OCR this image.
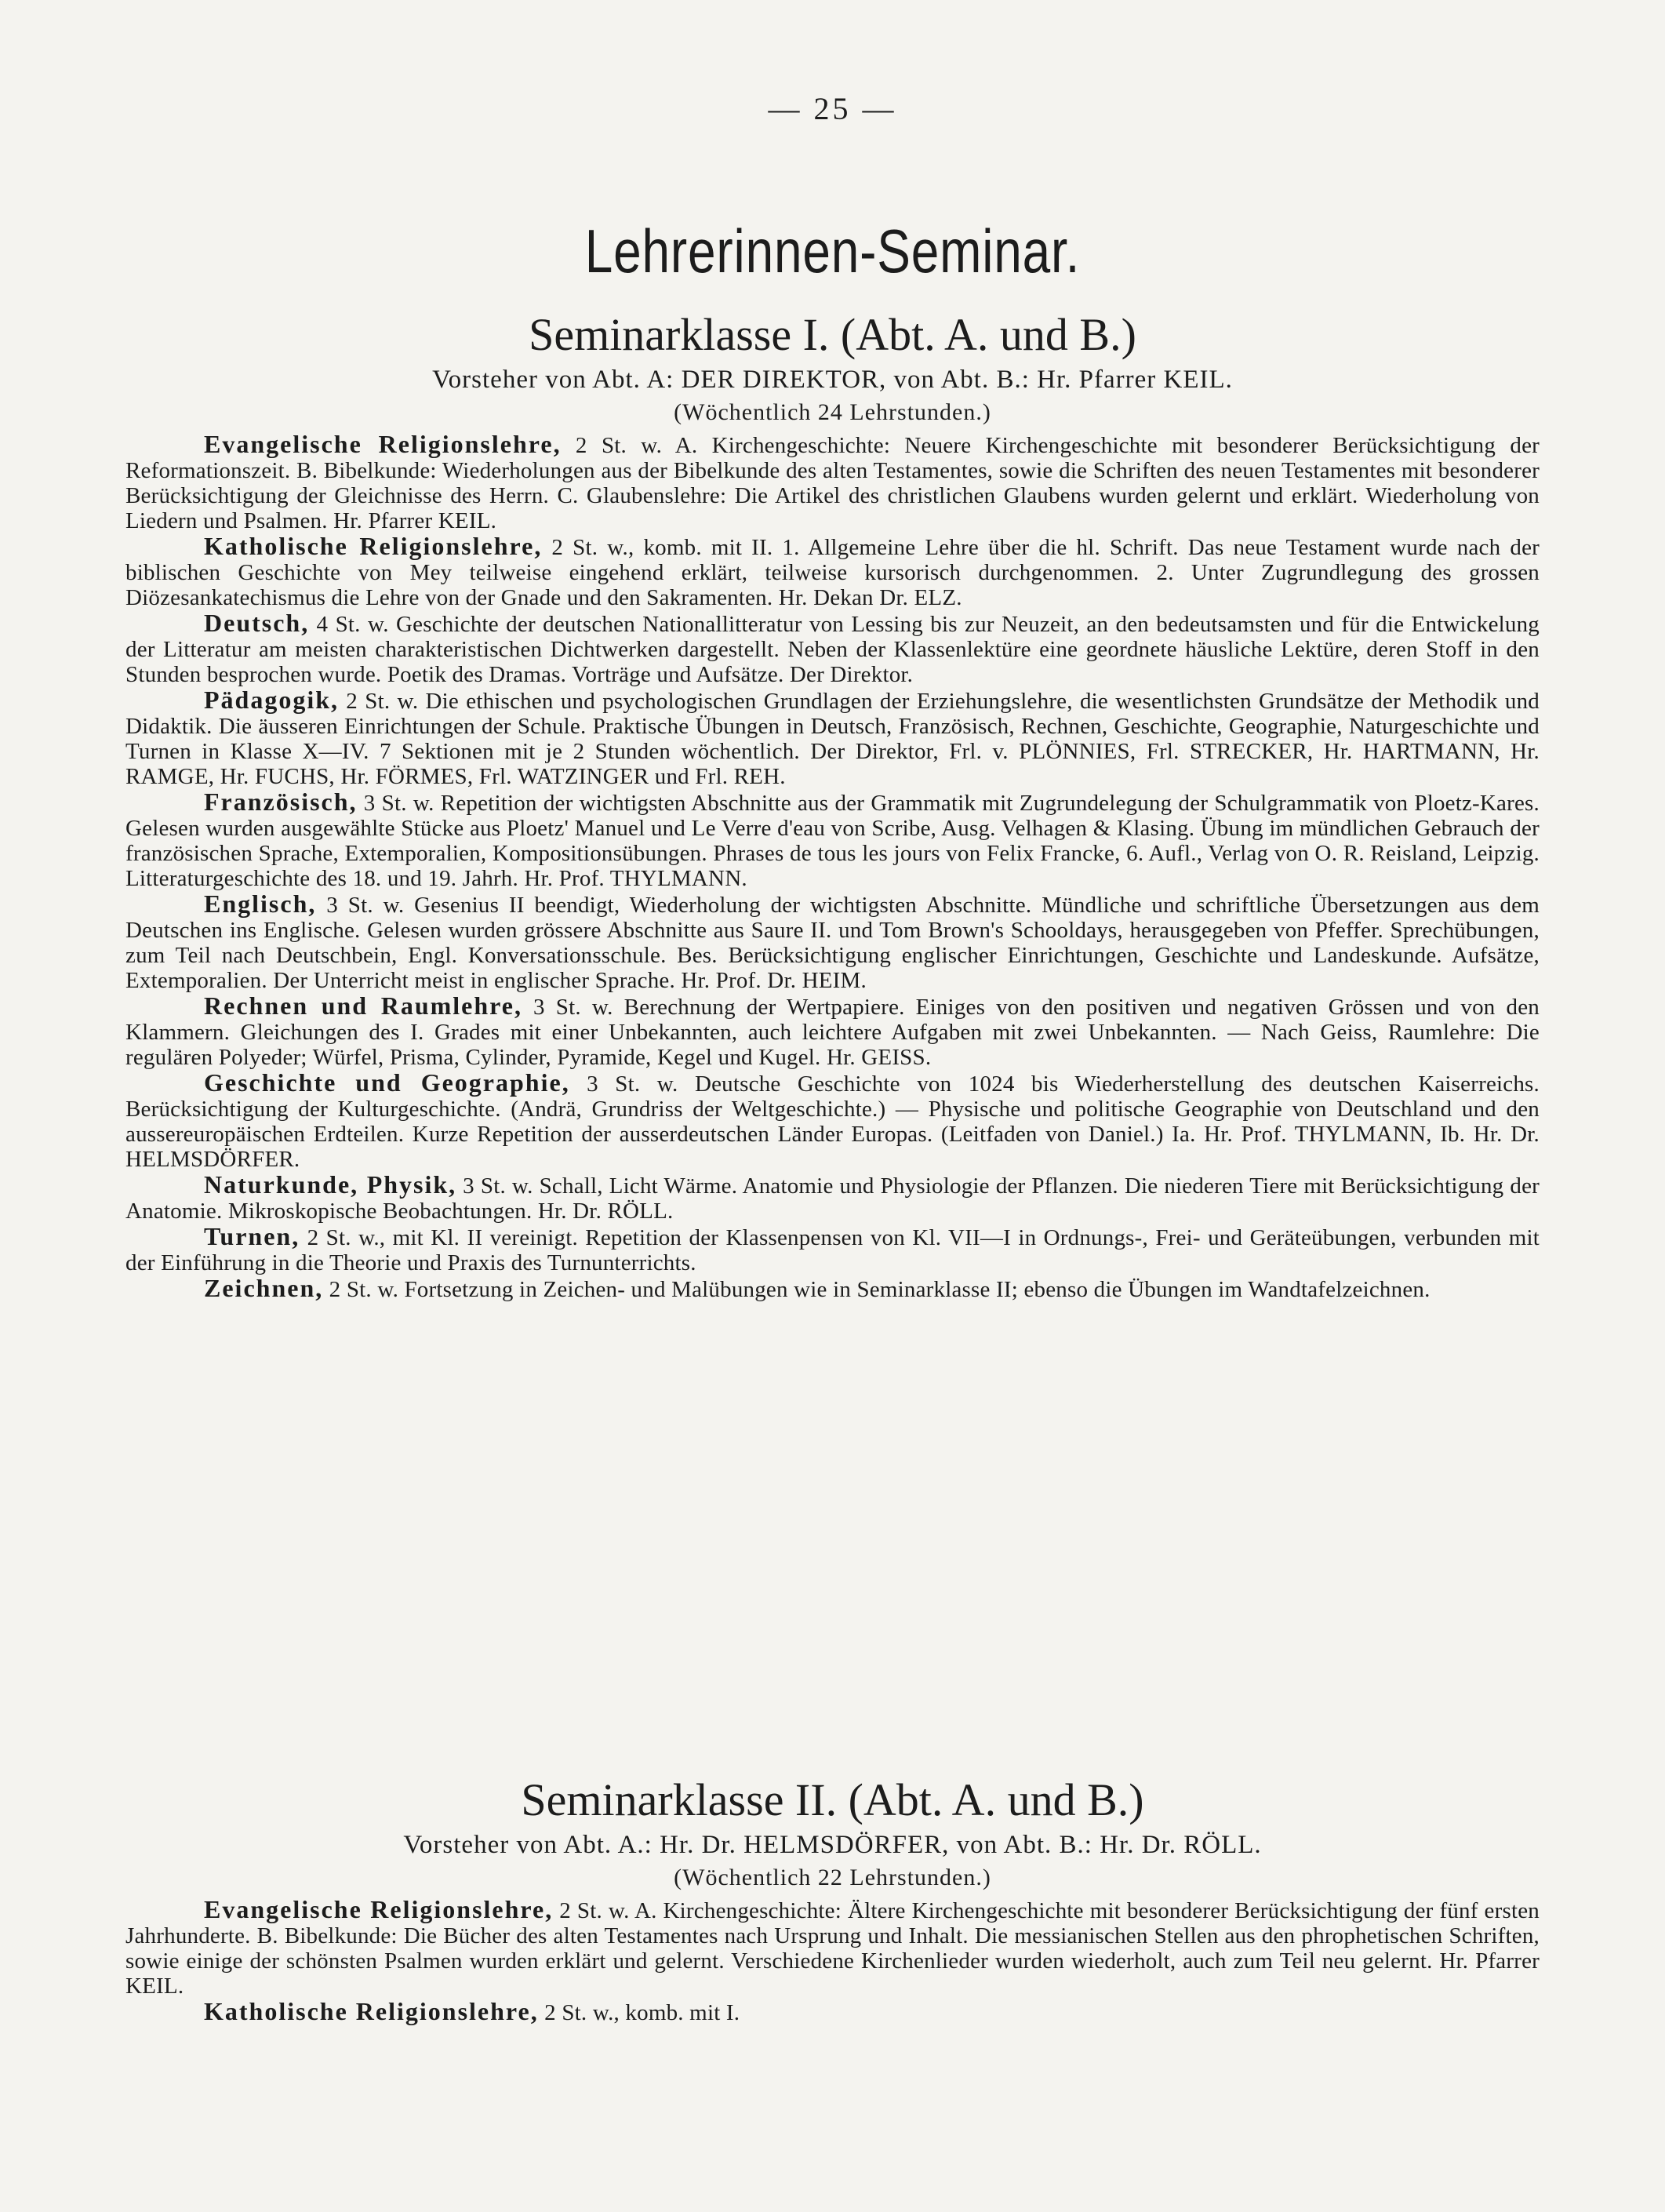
— 25 —
Lehrerinnen-Seminar.
Seminarklasse I. (Abt. A. und B.)

Vorsteher von Abt. A: DER DIREKTOR, von Abt. B.: Hr. Pfarrer KEIL.

(Wöchentlich 24 Lehrstunden.)

Evangelische Religionslehre, 2 St. w. A. Kirchengeschichte: Neuere Kirchengeschichte mit besonderer Berücksichtigung der Reformationszeit. B. Bibelkunde: Wiederholungen aus der Bibelkunde des alten Testamentes, sowie die Schriften des neuen Testamentes mit besonderer Berücksichtigung der Gleichnisse des Herrn. C. Glaubenslehre: Die Artikel des christlichen Glaubens wurden gelernt und erklärt. Wiederholung von Liedern und Psalmen. Hr. Pfarrer KEIL.

Katholische Religionslehre, 2 St. w., komb. mit II. 1. Allgemeine Lehre über die hl. Schrift. Das neue Testament wurde nach der biblischen Geschichte von Mey teilweise eingehend erklärt, teilweise kursorisch durchgenommen. 2. Unter Zugrundlegung des grossen Diözesankatechismus die Lehre von der Gnade und den Sakramenten. Hr. Dekan Dr. ELZ.

Deutsch, 4 St. w. Geschichte der deutschen Nationallitteratur von Lessing bis zur Neuzeit, an den bedeutsamsten und für die Entwickelung der Litteratur am meisten charakteristischen Dichtwerken dargestellt. Neben der Klassenlektüre eine geordnete häusliche Lektüre, deren Stoff in den Stunden besprochen wurde. Poetik des Dramas. Vorträge und Aufsätze. Der Direktor.

Pädagogik, 2 St. w. Die ethischen und psychologischen Grundlagen der Erziehungslehre, die wesentlichsten Grundsätze der Methodik und Didaktik. Die äusseren Einrichtungen der Schule. Praktische Übungen in Deutsch, Französisch, Rechnen, Geschichte, Geographie, Naturgeschichte und Turnen in Klasse X—IV. 7 Sektionen mit je 2 Stunden wöchentlich. Der Direktor, Frl. v. PLÖNNIES, Frl. STRECKER, Hr. HARTMANN, Hr. RAMGE, Hr. FUCHS, Hr. FÖRMES, Frl. WATZINGER und Frl. REH.

Französisch, 3 St. w. Repetition der wichtigsten Abschnitte aus der Grammatik mit Zugrundelegung der Schulgrammatik von Ploetz-Kares. Gelesen wurden ausgewählte Stücke aus Ploetz' Manuel und Le Verre d'eau von Scribe, Ausg. Velhagen & Klasing. Übung im mündlichen Gebrauch der französischen Sprache, Extemporalien, Kompositionsübungen. Phrases de tous les jours von Felix Francke, 6. Aufl., Verlag von O. R. Reisland, Leipzig. Litteraturgeschichte des 18. und 19. Jahrh. Hr. Prof. THYLMANN.

Englisch, 3 St. w. Gesenius II beendigt, Wiederholung der wichtigsten Abschnitte. Mündliche und schriftliche Übersetzungen aus dem Deutschen ins Englische. Gelesen wurden grössere Abschnitte aus Saure II. und Tom Brown's Schooldays, herausgegeben von Pfeffer. Sprechübungen, zum Teil nach Deutschbein, Engl. Konversationsschule. Bes. Berücksichtigung englischer Einrichtungen, Geschichte und Landeskunde. Aufsätze, Extemporalien. Der Unterricht meist in englischer Sprache. Hr. Prof. Dr. HEIM.

Rechnen und Raumlehre, 3 St. w. Berechnung der Wertpapiere. Einiges von den positiven und negativen Grössen und von den Klammern. Gleichungen des I. Grades mit einer Unbekannten, auch leichtere Aufgaben mit zwei Unbekannten. — Nach Geiss, Raumlehre: Die regulären Polyeder; Würfel, Prisma, Cylinder, Pyramide, Kegel und Kugel. Hr. GEISS.

Geschichte und Geographie, 3 St. w. Deutsche Geschichte von 1024 bis Wiederherstellung des deutschen Kaiserreichs. Berücksichtigung der Kulturgeschichte. (Andrä, Grundriss der Weltgeschichte.) — Physische und politische Geographie von Deutschland und den aussereuropäischen Erdteilen. Kurze Repetition der ausserdeutschen Länder Europas. (Leitfaden von Daniel.) Ia. Hr. Prof. THYLMANN, Ib. Hr. Dr. HELMSDÖRFER.

Naturkunde, Physik, 3 St. w. Schall, Licht Wärme. Anatomie und Physiologie der Pflanzen. Die niederen Tiere mit Berücksichtigung der Anatomie. Mikroskopische Beobachtungen. Hr. Dr. RÖLL.

Turnen, 2 St. w., mit Kl. II vereinigt. Repetition der Klassenpensen von Kl. VII—I in Ordnungs-, Frei- und Geräteübungen, verbunden mit der Einführung in die Theorie und Praxis des Turnunterrichts.

Zeichnen, 2 St. w. Fortsetzung in Zeichen- und Malübungen wie in Seminarklasse II; ebenso die Übungen im Wandtafelzeichnen.

Seminarklasse II. (Abt. A. und B.)

Vorsteher von Abt. A.: Hr. Dr. HELMSDÖRFER, von Abt. B.: Hr. Dr. RÖLL.

(Wöchentlich 22 Lehrstunden.)

Evangelische Religionslehre, 2 St. w. A. Kirchengeschichte: Ältere Kirchengeschichte mit besonderer Berücksichtigung der fünf ersten Jahrhunderte. B. Bibelkunde: Die Bücher des alten Testamentes nach Ursprung und Inhalt. Die messianischen Stellen aus den phrophetischen Schriften, sowie einige der schönsten Psalmen wurden erklärt und gelernt. Verschiedene Kirchenlieder wurden wiederholt, auch zum Teil neu gelernt. Hr. Pfarrer KEIL.

Katholische Religionslehre, 2 St. w., komb. mit I.
